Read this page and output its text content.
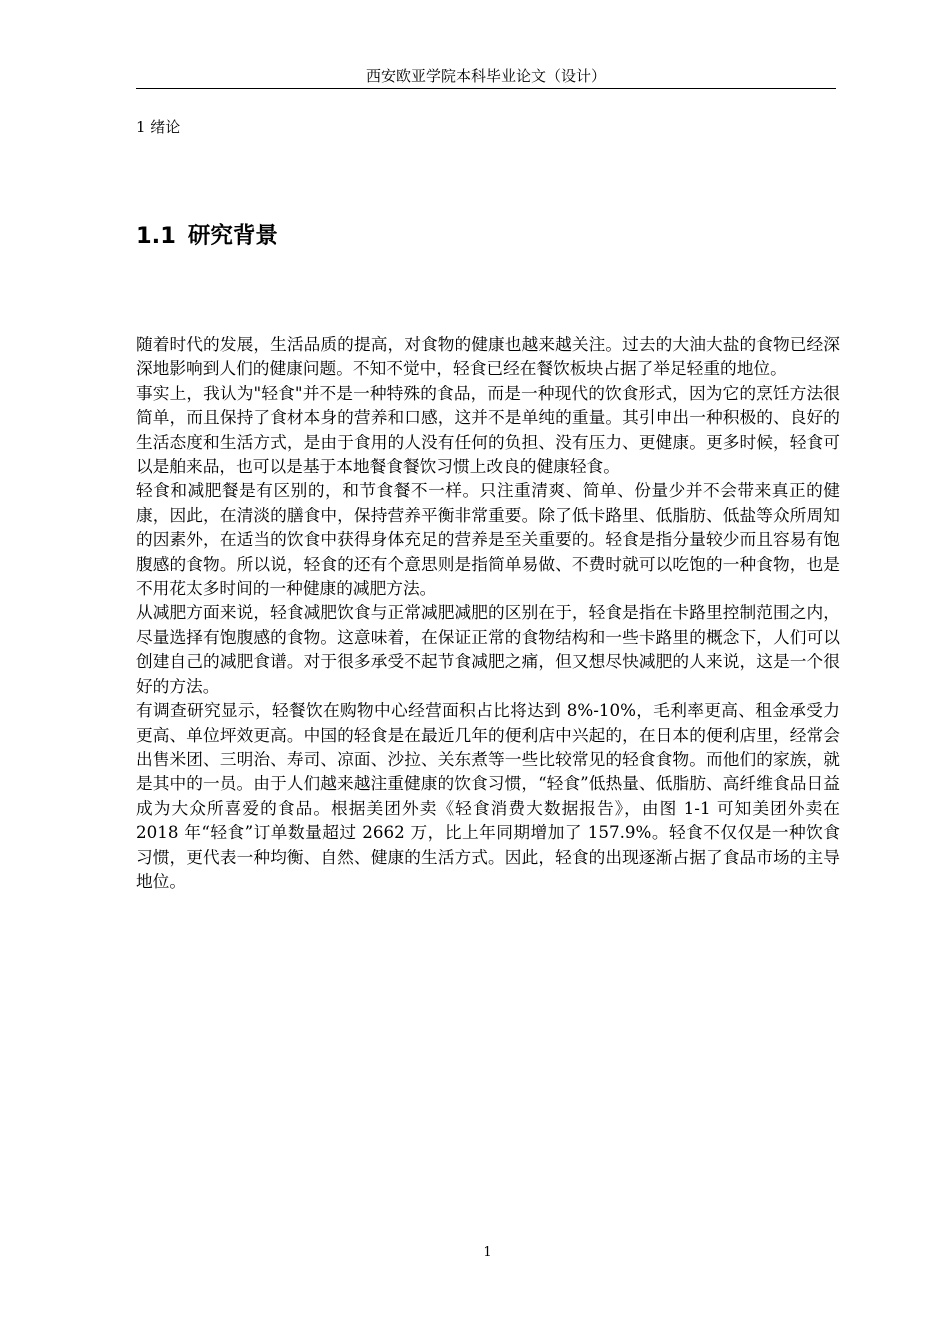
西安欧亚学院本科毕业论文（设计）
1 绪论
1.1 研究背景

随着时代的发展，生活品质的提高，对食物的健康也越来越关注。过去的大油大盐的食物已经深深地影响到人们的健康问题。不知不觉中，轻食已经在餐饮板块占据了举足轻重的地位。

事实上，我认为"轻食"并不是一种特殊的食品，而是一种现代的饮食形式，因为它的烹饪方法很简单，而且保持了食材本身的营养和口感，这并不是单纯的重量。其引申出一种积极的、良好的生活态度和生活方式，是由于食用的人没有任何的负担、没有压力、更健康。更多时候，轻食可以是舶来品，也可以是基于本地餐食餐饮习惯上改良的健康轻食。

轻食和减肥餐是有区别的，和节食餐不一样。只注重清爽、简单、份量少并不会带来真正的健康，因此，在清淡的膳食中，保持营养平衡非常重要。除了低卡路里、低脂肪、低盐等众所周知的因素外，在适当的饮食中获得身体充足的营养是至关重要的。轻食是指分量较少而且容易有饱腹感的食物。所以说，轻食的还有个意思则是指简单易做、不费时就可以吃饱的一种食物，也是不用花太多时间的一种健康的减肥方法。

从减肥方面来说，轻食减肥饮食与正常减肥减肥的区别在于，轻食是指在卡路里控制范围之内，尽量选择有饱腹感的食物。这意味着，在保证正常的食物结构和一些卡路里的概念下，人们可以创建自己的减肥食谱。对于很多承受不起节食减肥之痛，但又想尽快减肥的人来说，这是一个很好的方法。

有调查研究显示，轻餐饮在购物中心经营面积占比将达到 8%-10%，毛利率更高、租金承受力更高、单位坪效更高。中国的轻食是在最近几年的便利店中兴起的，在日本的便利店里，经常会出售米团、三明治、寿司、凉面、沙拉、关东煮等一些比较常见的轻食食物。而他们的家族，就是其中的一员。由于人们越来越注重健康的饮食习惯，“轻食”低热量、低脂肪、高纤维食品日益成为大众所喜爱的食品。根据美团外卖《轻食消费大数据报告》，由图 1-1 可知美团外卖在 2018 年“轻食”订单数量超过 2662 万，比上年同期增加了 157.9%。轻食不仅仅是一种饮食习惯，更代表一种均衡、自然、健康的生活方式。因此，轻食的出现逐渐占据了食品市场的主导地位。

1
